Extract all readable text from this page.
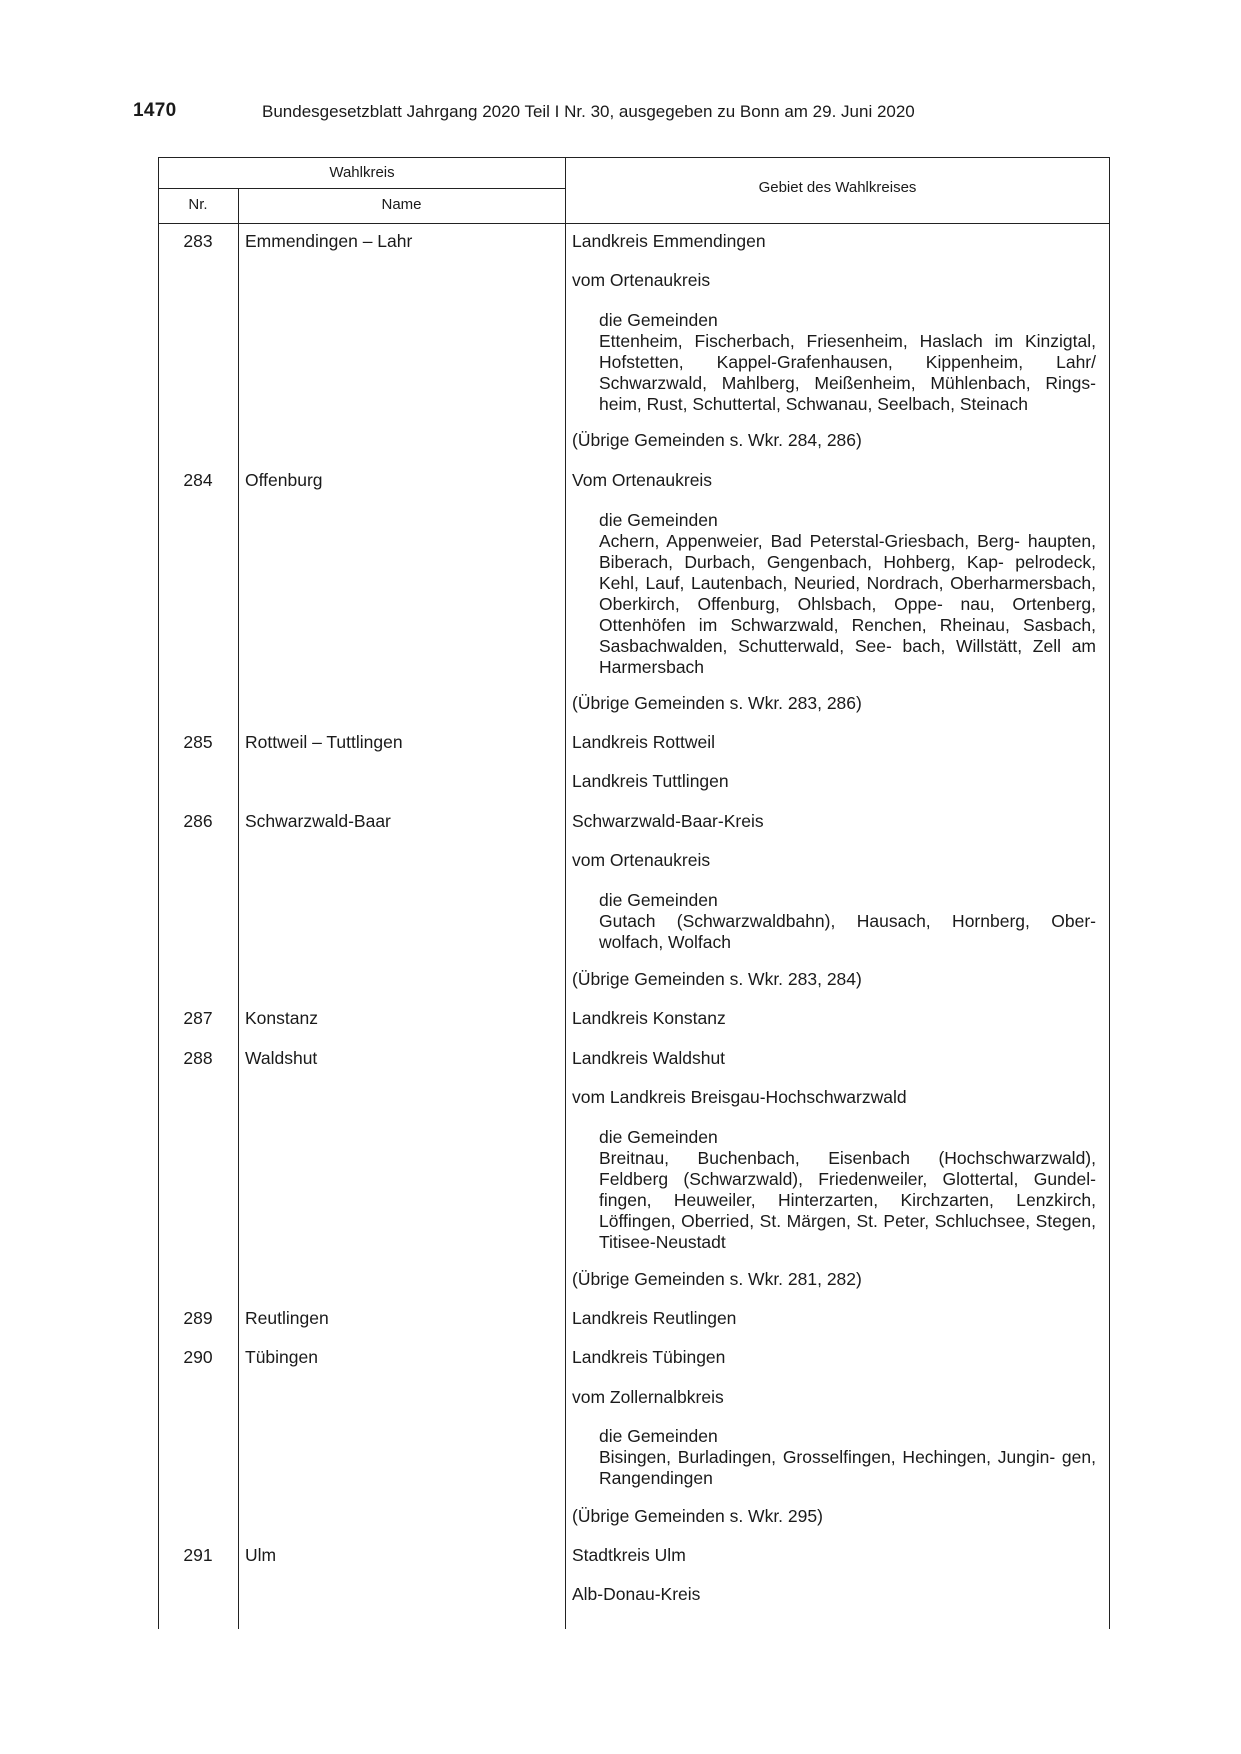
1470	Bundesgesetzblatt Jahrgang 2020 Teil I Nr. 30, ausgegeben zu Bonn am 29. Juni 2020
Wahlkreis
Nr.	Name
Gebiet des Wahlkreises
283	Emmendingen – Lahr	Landkreis Emmendingen
vom Ortenaukreis
die Gemeinden
Ettenheim, Fischerbach, Friesenheim, Haslach im Kinzigtal, Hofstetten, Kappel-Grafenhausen, Kippenheim, Lahr/ Schwarzwald, Mahlberg, Meißenheim, Mühlenbach, Rings- heim, Rust, Schuttertal, Schwanau, Seelbach, Steinach
(Übrige Gemeinden s. Wkr. 284, 286)
284	Offenburg	Vom Ortenaukreis
die Gemeinden
Achern, Appenweier, Bad Peterstal-Griesbach, Berg- haupten, Biberach, Durbach, Gengenbach, Hohberg, Kap- pelrodeck, Kehl, Lauf, Lautenbach, Neuried, Nordrach, Oberharmersbach, Oberkirch, Offenburg, Ohlsbach, Oppe- nau, Ortenberg, Ottenhöfen im Schwarzwald, Renchen, Rheinau, Sasbach, Sasbachwalden, Schutterwald, See- bach, Willstätt, Zell am Harmersbach
(Übrige Gemeinden s. Wkr. 283, 286)
285	Rottweil – Tuttlingen	Landkreis Rottweil
Landkreis Tuttlingen
286	Schwarzwald-Baar	Schwarzwald-Baar-Kreis
vom Ortenaukreis
die Gemeinden
Gutach (Schwarzwaldbahn), Hausach, Hornberg, Ober- wolfach, Wolfach
(Übrige Gemeinden s. Wkr. 283, 284)
287	Konstanz	Landkreis Konstanz
288	Waldshut	Landkreis Waldshut
vom Landkreis Breisgau-Hochschwarzwald
die Gemeinden
Breitnau, Buchenbach, Eisenbach (Hochschwarzwald), Feldberg (Schwarzwald), Friedenweiler, Glottertal, Gundel- fingen, Heuweiler, Hinterzarten, Kirchzarten, Lenzkirch, Löffingen, Oberried, St. Märgen, St. Peter, Schluchsee, Stegen, Titisee-Neustadt
(Übrige Gemeinden s. Wkr. 281, 282)
289	Reutlingen	Landkreis Reutlingen
290	Tübingen	Landkreis Tübingen
vom Zollernalbkreis
die Gemeinden
Bisingen, Burladingen, Grosselfingen, Hechingen, Jungin- gen, Rangendingen
(Übrige Gemeinden s. Wkr. 295)
291	Ulm	Stadtkreis Ulm
Alb-Donau-Kreis
